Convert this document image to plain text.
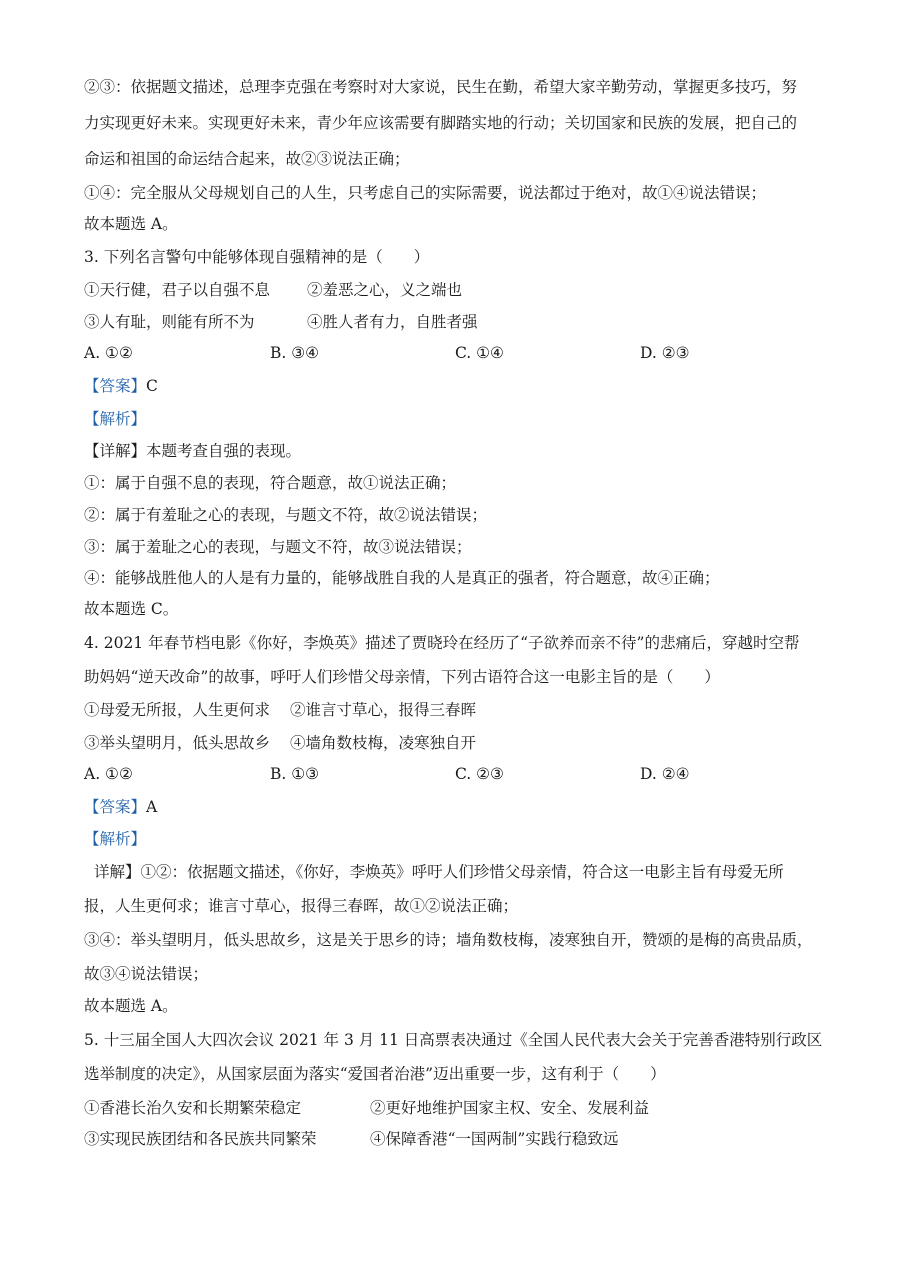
②③：依据题文描述，总理李克强在考察时对大家说，民生在勤，希望大家辛勤劳动，掌握更多技巧，努
力实现更好未来。实现更好未来，青少年应该需要有脚踏实地的行动；关切国家和民族的发展，把自己的
命运和祖国的命运结合起来，故②③说法正确；
①④：完全服从父母规划自己的人生，只考虑自己的实际需要，说法都过于绝对，故①④说法错误；
故本题选 A。
3. 下列名言警句中能够体现自强精神的是（　　）
①天行健，君子以自强不息 ②羞恶之心，义之端也
③人有耻，则能有所不为	④胜人者有力，自胜者强
A. ①②	B. ③④	C. ①④	D. ②③
【答案】C
【解析】
【详解】本题考查自强的表现。
①：属于自强不息的表现，符合题意，故①说法正确；
②：属于有羞耻之心的表现，与题文不符，故②说法错误；
③：属于羞耻之心的表现，与题文不符，故③说法错误；
④：能够战胜他人的人是有力量的，能够战胜自我的人是真正的强者，符合题意，故④正确；
故本题选 C。
4. 2021 年春节档电影《你好，李焕英》描述了贾晓玲在经历了“子欲养而亲不待”的悲痛后，穿越时空帮
助妈妈“逆天改命”的故事，呼吁人们珍惜父母亲情，下列古语符合这一电影主旨的是（　　）
①母爱无所报，人生更何求 ②谁言寸草心，报得三春晖
③举头望明月，低头思故乡 ④墙角数枝梅，凌寒独自开
A. ①②	B. ①③	C. ②③	D. ②④
【答案】A
【解析】
详解】①②：依据题文描述，《你好，李焕英》呼吁人们珍惜父母亲情，符合这一电影主旨有母爱无所
报，人生更何求；谁言寸草心，报得三春晖，故①②说法正确；
③④：举头望明月，低头思故乡，这是关于思乡的诗；墙角数枝梅，凌寒独自开，赞颂的是梅的高贵品质，
故③④说法错误；
故本题选 A。
5. 十三届全国人大四次会议 2021 年 3 月 11 日高票表决通过《全国人民代表大会关于完善香港特别行政区
选举制度的决定》，从国家层面为落实“爱国者治港”迈出重要一步，这有利于（　　）
①香港长治久安和长期繁荣稳定	②更好地维护国家主权、安全、发展利益
③实现民族团结和各民族共同繁荣	④保障香港“一国两制”实践行稳致远
